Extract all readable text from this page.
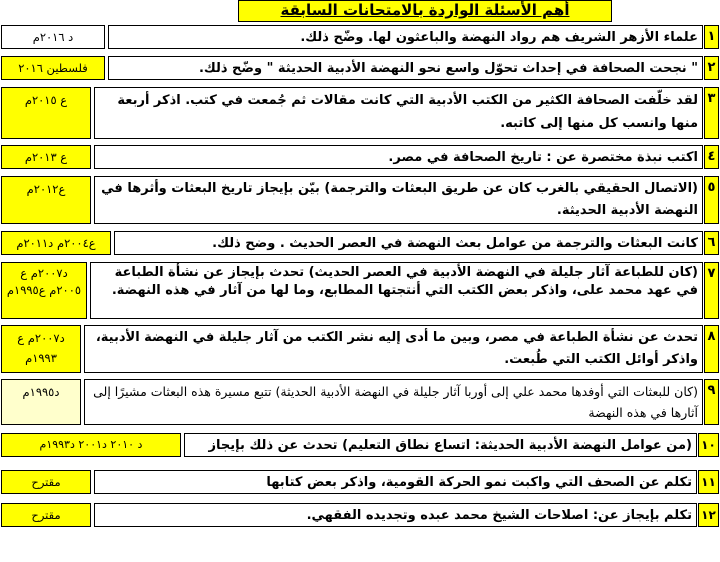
أهم الأسئلة الواردة بالامتحانات السابقة
١
علماء الأزهر الشريف هم رواد النهضة والباعثون لها. وضّح ذلك.
د ٢٠١٦م
٢
" نجحت الصحافة في إحداث تحوّل واسع نحو النهضة الأدبية الحديثة " وضّح ذلك.
فلسطين ٢٠١٦
٣
لقد خلّفت الصحافة الكثير من الكتب الأدبية التي كانت مقالات ثم جُمعت في كتب. اذكر أربعة منها وانسب كل منها إلى كاتبه.
ع ٢٠١٥م
٤
اكتب نبذة مختصرة عن : تاريخ الصحافة في مصر.
ع ٢٠١٣م
٥
(الاتصال الحقيقي بالغرب كان عن طريق البعثات والترجمة) بيّن بإيجاز تاريخ البعثات وأثرها في النهضة الأدبية الحديثة.
ع٢٠١٢م
٦
كانت البعثات والترجمة من عوامل بعث النهضة في العصر الحديث . وضح ذلك.
ع٢٠٠٤م د٢٠١١م
٧
(كان للطباعة آثار جليلة في النهضة الأدبية في العصر الحديث) تحدث بإيجاز عن نشأة الطباعة في عهد محمد على، واذكر بعض الكتب التي أنتجتها المطابع، وما لها من آثار في هذه النهضة.
د٢٠٠٧م ع ٢٠٠٥م ع١٩٩٥م
٨
تحدث عن نشأة الطباعة في مصر، وبين ما أدى إليه نشر الكتب من آثار جليلة في النهضة الأدبية، واذكر أوائل الكتب التي طُبعت.
د٢٠٠٧م ع ١٩٩٣م
٩
(كان للبعثات التي أوفدها محمد علي إلى أوربا آثار جليلة في النهضة الأدبية الحديثة) تتبع مسيرة هذه البعثات مشيرًا إلى آثارها في هذه النهضة
د١٩٩٥م
١٠
(من عوامل النهضة الأدبية الحديثة: اتساع نطاق التعليم) تحدث عن ذلك بإيجاز
د ٢٠١٠ د٢٠٠١ د١٩٩٣م
١١
تكلم عن الصحف التي واكبت نمو الحركة القومية، واذكر بعض كتابها
مقترح
١٢
تكلم بإيجاز عن: اصلاحات الشيخ محمد عبده وتجديده الفقهي.
مقترح
